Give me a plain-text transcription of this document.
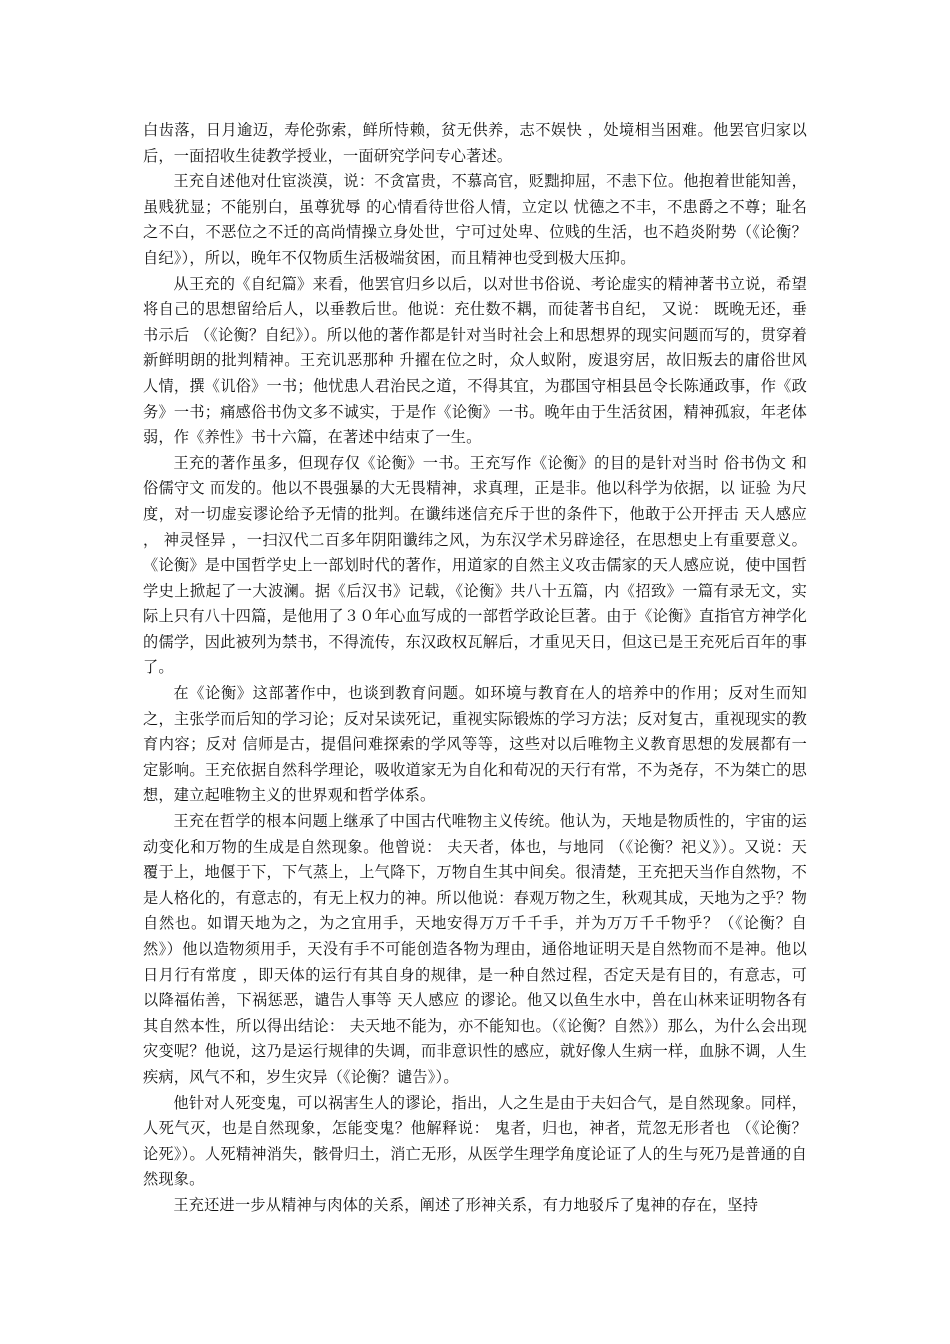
白齿落，日月逾迈，寿伦弥索，鲜所恃赖，贫无供养，志不娱快 ，处境相当困难。他罢官归家以后，一面招收生徒教学授业，一面研究学问专心著述。

王充自述他对仕宦淡漠，说：不贪富贵，不慕高官，贬黜抑屈，不恚下位。他抱着世能知善，虽贱犹显；不能别白，虽尊犹辱 的心情看待世俗人情，立定以 忧德之不丰，不患爵之不尊；耻名之不白，不恶位之不迁的高尚情操立身处世，宁可过处卑、位贱的生活，也不趋炎附势（《论衡？自纪》），所以，晚年不仅物质生活极端贫困，而且精神也受到极大压抑。

从王充的《自纪篇》来看，他罢官归乡以后，以对世书俗说、考论虚实的精神著书立说，希望将自己的思想留给后人，以垂教后世。他说：充仕数不耦，而徒著书自纪， 又说： 既晚无还，垂书示后 （《论衡？自纪》）。所以他的著作都是针对当时社会上和思想界的现实问题而写的，贯穿着新鲜明朗的批判精神。王充讥恶那种 升擢在位之时，众人蚁附，废退穷居，故旧叛去的庸俗世风人情，撰《讥俗》一书；他忧患人君治民之道，不得其宜，为郡国守相县邑令长陈通政事，作《政务》一书；痛感俗书伪文多不诚实，于是作《论衡》一书。晚年由于生活贫困，精神孤寂，年老体弱，作《养性》书十六篇，在著述中结束了一生。

王充的著作虽多，但现存仅《论衡》一书。王充写作《论衡》的目的是针对当时 俗书伪文 和 俗儒守文 而发的。他以不畏强暴的大无畏精神，求真理，正是非。他以科学为依据，以 证验 为尺度，对一切虚妄谬论给予无情的批判。在谶纬迷信充斥于世的条件下，他敢于公开抨击 天人感应 ， 神灵怪异 ，一扫汉代二百多年阴阳谶纬之风，为东汉学术另辟途径，在思想史上有重要意义。《论衡》是中国哲学史上一部划时代的著作，用道家的自然主义攻击儒家的天人感应说，使中国哲学史上掀起了一大波澜。据《后汉书》记载，《论衡》共八十五篇，内《招致》一篇有录无文，实际上只有八十四篇，是他用了３０年心血写成的一部哲学政论巨著。由于《论衡》直指官方神学化的儒学，因此被列为禁书，不得流传，东汉政权瓦解后，才重见天日，但这已是王充死后百年的事了。

在《论衡》这部著作中，也谈到教育问题。如环境与教育在人的培养中的作用；反对生而知之，主张学而后知的学习论；反对呆读死记，重视实际锻炼的学习方法；反对复古，重视现实的教育内容；反对 信师是古，提倡问难探索的学风等等，这些对以后唯物主义教育思想的发展都有一定影响。王充依据自然科学理论，吸收道家无为自化和荀况的天行有常，不为尧存，不为桀亡的思想，建立起唯物主义的世界观和哲学体系。

王充在哲学的根本问题上继承了中国古代唯物主义传统。他认为，天地是物质性的，宇宙的运动变化和万物的生成是自然现象。他曾说： 夫天者，体也，与地同 （《论衡？祀义》）。又说：天覆于上，地偃于下，下气蒸上，上气降下，万物自生其中间矣。很清楚，王充把天当作自然物，不是人格化的，有意志的，有无上权力的神。所以他说：春观万物之生，秋观其成，天地为之乎？物自然也。如谓天地为之，为之宜用手，天地安得万万千千手，并为万万千千物乎？（《论衡？自然》）他以造物须用手，天没有手不可能创造各物为理由，通俗地证明天是自然物而不是神。他以 日月行有常度 ，即天体的运行有其自身的规律，是一种自然过程，否定天是有目的，有意志，可以降福佑善，下祸惩恶，谴告人事等 天人感应 的谬论。他又以鱼生水中，兽在山林来证明物各有其自然本性，所以得出结论： 夫天地不能为，亦不能知也。（《论衡？自然》）那么，为什么会出现灾变呢？他说，这乃是运行规律的失调，而非意识性的感应，就好像人生病一样，血脉不调，人生疾病，风气不和，岁生灾异（《论衡？谴告》）。

他针对人死变鬼，可以祸害生人的谬论，指出，人之生是由于夫妇合气，是自然现象。同样，人死气灭，也是自然现象，怎能变鬼？他解释说： 鬼者，归也，神者，荒忽无形者也 （《论衡？论死》）。人死精神消失，骸骨归土，消亡无形，从医学生理学角度论证了人的生与死乃是普通的自然现象。

王充还进一步从精神与肉体的关系，阐述了形神关系，有力地驳斥了鬼神的存在，坚持
